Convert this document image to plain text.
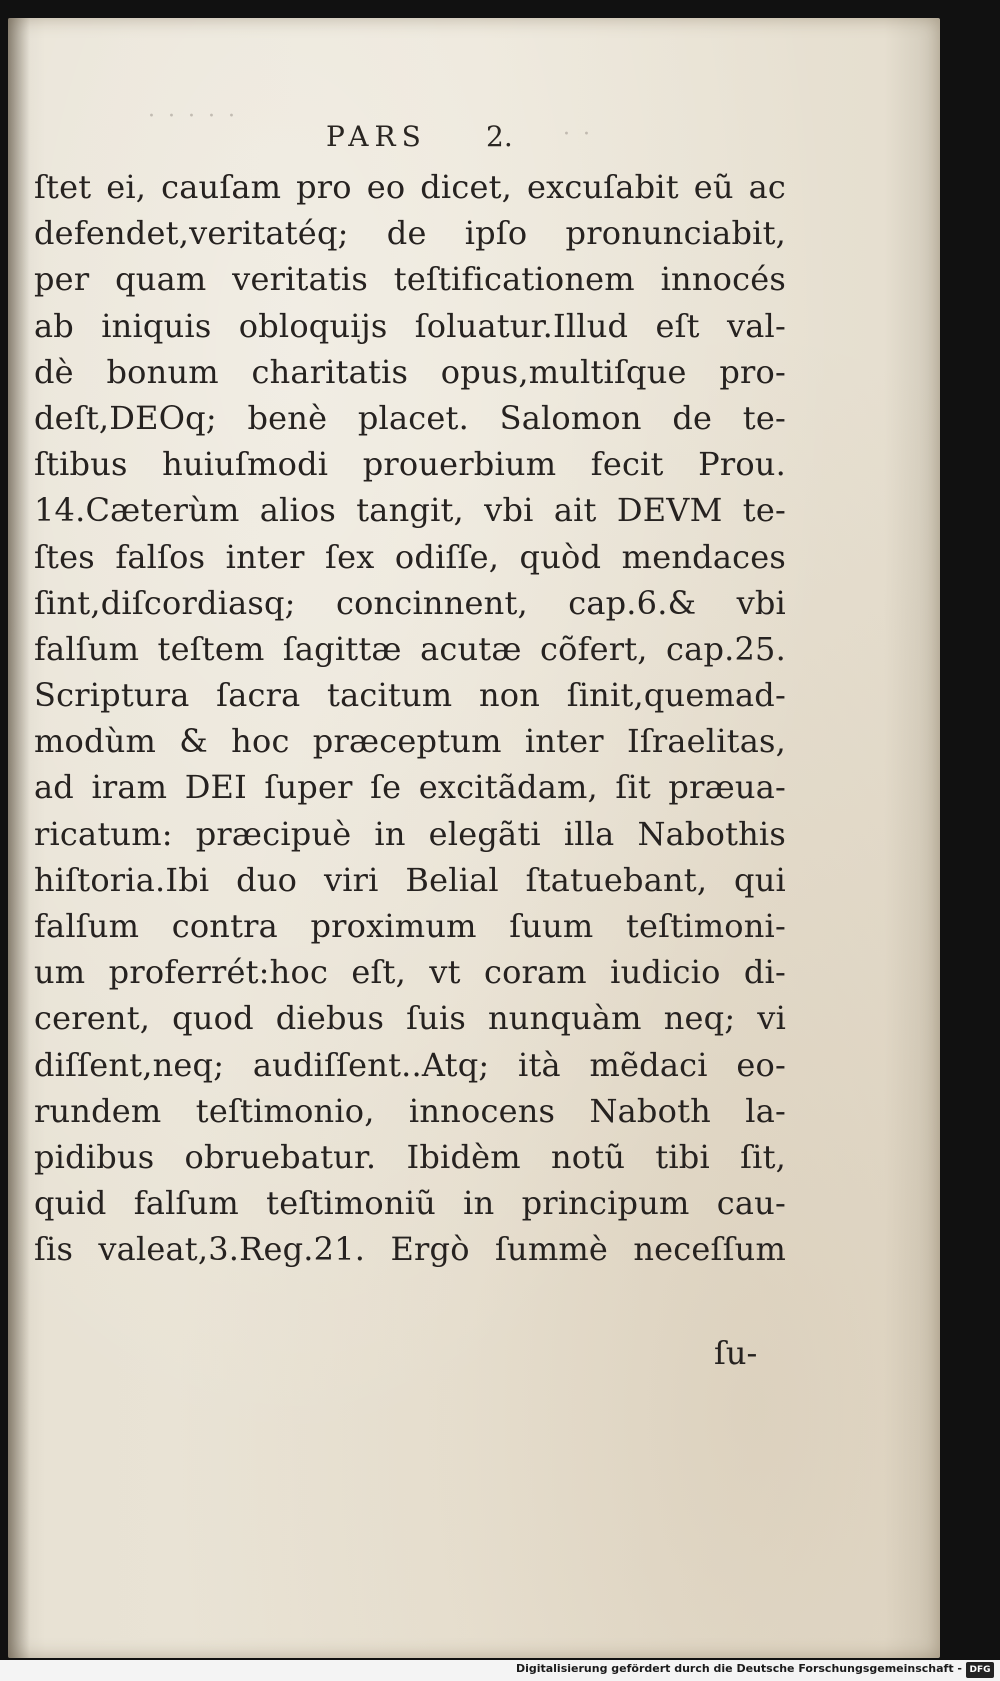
· · · · ·
· ·
PARS 2.
ſtet ei, cauſam pro eo dicet, excuſabit eũ ac
defendet,veritatéq; de ipſo pronunciabit,
per quam veritatis teſtificationem innocés
ab iniquis obloquijs ſoluatur.Illud eſt val-
dè bonum charitatis opus,multiſque pro-
deſt,DEOq; benè placet. Salomon de te-
ſtibus huiuſmodi prouerbium fecit Prou.
14.Cæterùm alios tangit, vbi ait DEVM te-
ſtes falſos inter ſex odiſſe, quòd mendaces
ſint,diſcordiasq; concinnent, cap.6.& vbi
falſum teſtem ſagittæ acutæ cõfert, cap.25.
Scriptura ſacra tacitum non ſinit,quemad-
modùm & hoc præceptum inter Iſraelitas,
ad iram DEI ſuper ſe excitãdam, ſit præua-
ricatum: præcipuè in elegãti illa Nabothis
hiſtoria.Ibi duo viri Belial ſtatuebant, qui
falſum contra proximum ſuum teſtimoni-
um proferrét:hoc eſt, vt coram iudicio di-
cerent, quod diebus ſuis nunquàm neq; vi
diſſent,neq; audiſſent..Atq; ità mẽdaci eo-
rundem teſtimonio, innocens Naboth la-
pidibus obruebatur. Ibidèm notũ tibi ſit,
quid falſum teſtimoniũ in principum cau-
ſis valeat,3.Reg.21. Ergò ſummè neceſſum
ſu-
Digitalisierung gefördert durch die Deutsche Forschungsgemeinschaft - DFG
